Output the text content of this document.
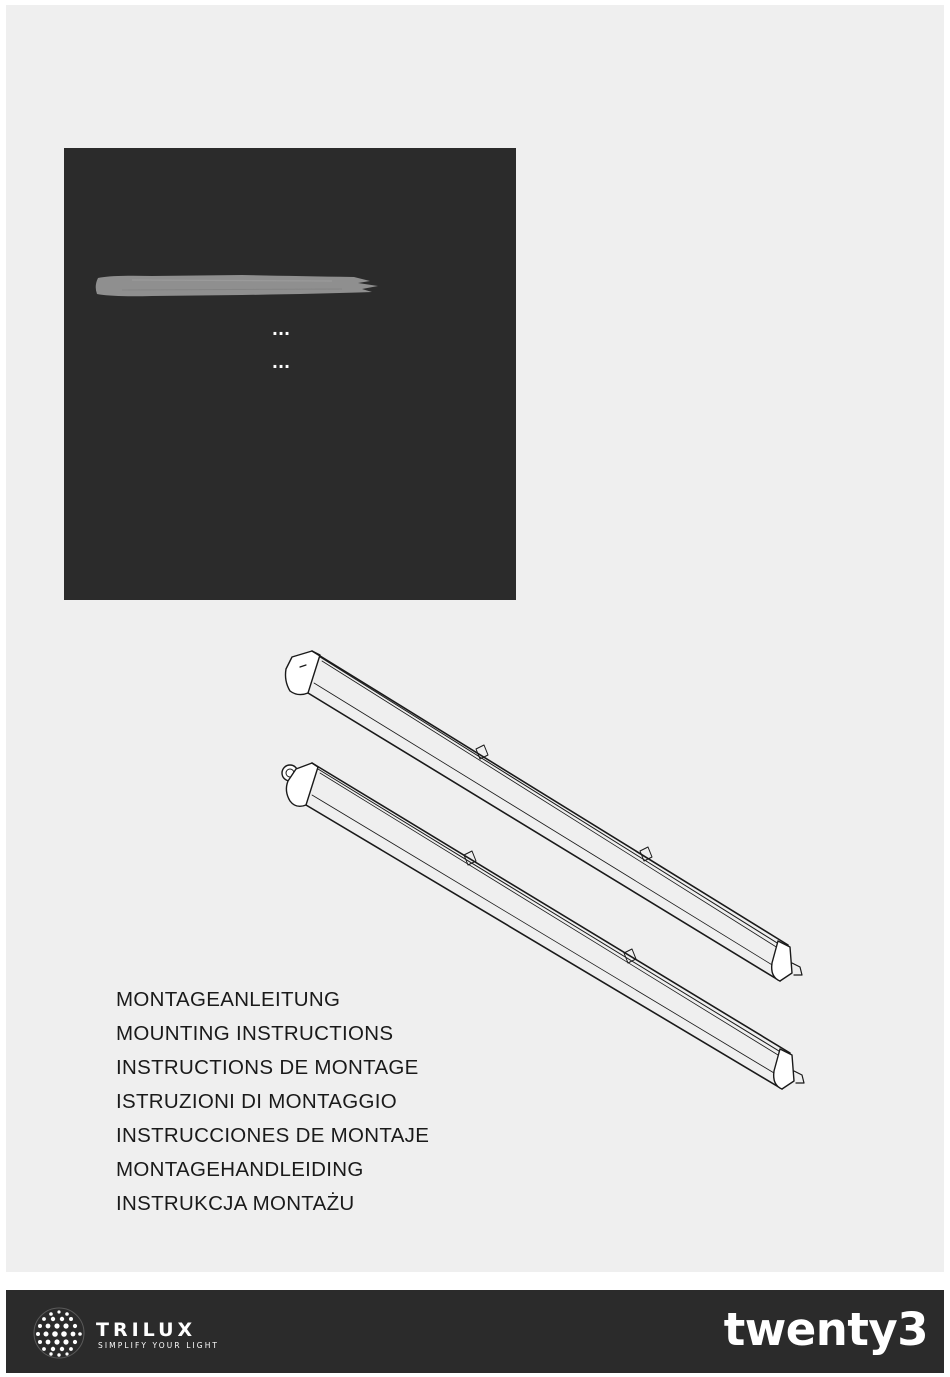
...
...
MONTAGEANLEITUNG
MOUNTING INSTRUCTIONS
INSTRUCTIONS DE MONTAGE
ISTRUZIONI DI MONTAGGIO
INSTRUCCIONES DE MONTAJE
MONTAGEHANDLEIDING
INSTRUKCJA MONTAŻU
TRILUX
SIMPLIFY YOUR LIGHT	twenty3
